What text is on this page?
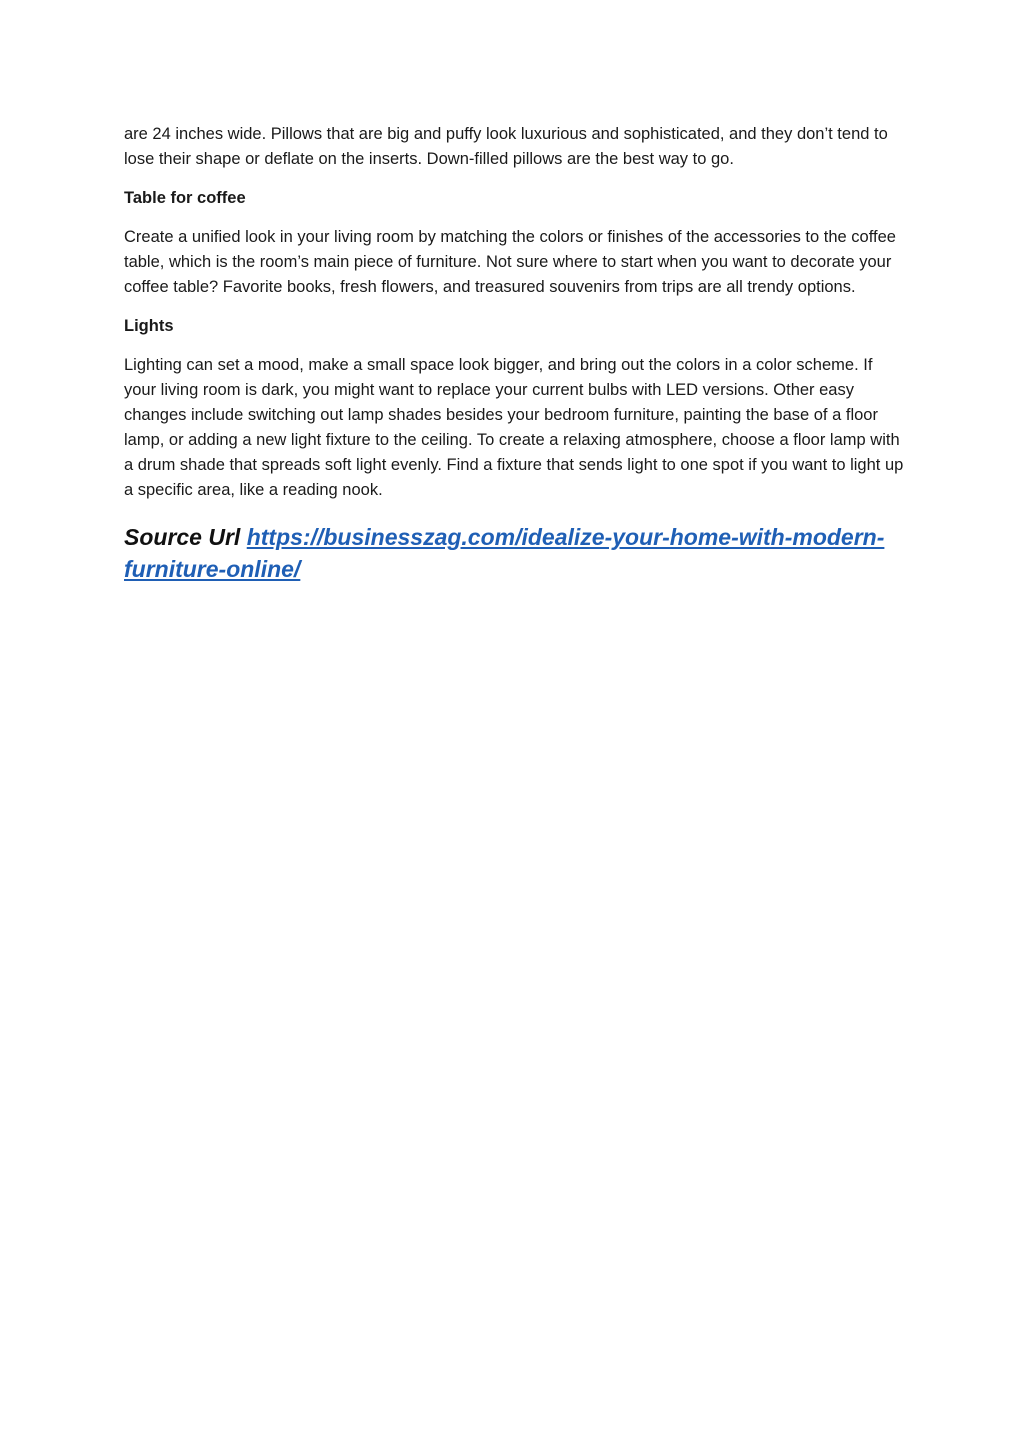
are 24 inches wide. Pillows that are big and puffy look luxurious and sophisticated, and they don’t tend to lose their shape or deflate on the inserts. Down-filled pillows are the best way to go.

Table for coffee

Create a unified look in your living room by matching the colors or finishes of the accessories to the coffee table, which is the room’s main piece of furniture. Not sure where to start when you want to decorate your coffee table? Favorite books, fresh flowers, and treasured souvenirs from trips are all trendy options.

Lights

Lighting can set a mood, make a small space look bigger, and bring out the colors in a color scheme. If your living room is dark, you might want to replace your current bulbs with LED versions. Other easy changes include switching out lamp shades besides your bedroom furniture, painting the base of a floor lamp, or adding a new light fixture to the ceiling. To create a relaxing atmosphere, choose a floor lamp with a drum shade that spreads soft light evenly. Find a fixture that sends light to one spot if you want to light up a specific area, like a reading nook.

Source Url https://businesszag.com/idealize-your-home-with-modern-furniture-online/
